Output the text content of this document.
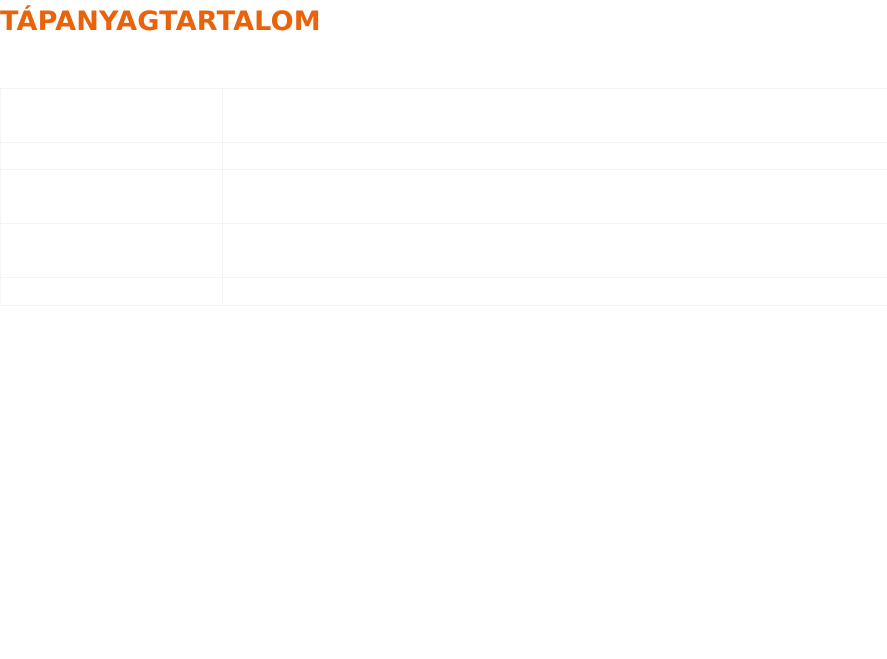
TÁPANYAGTARTALOM
